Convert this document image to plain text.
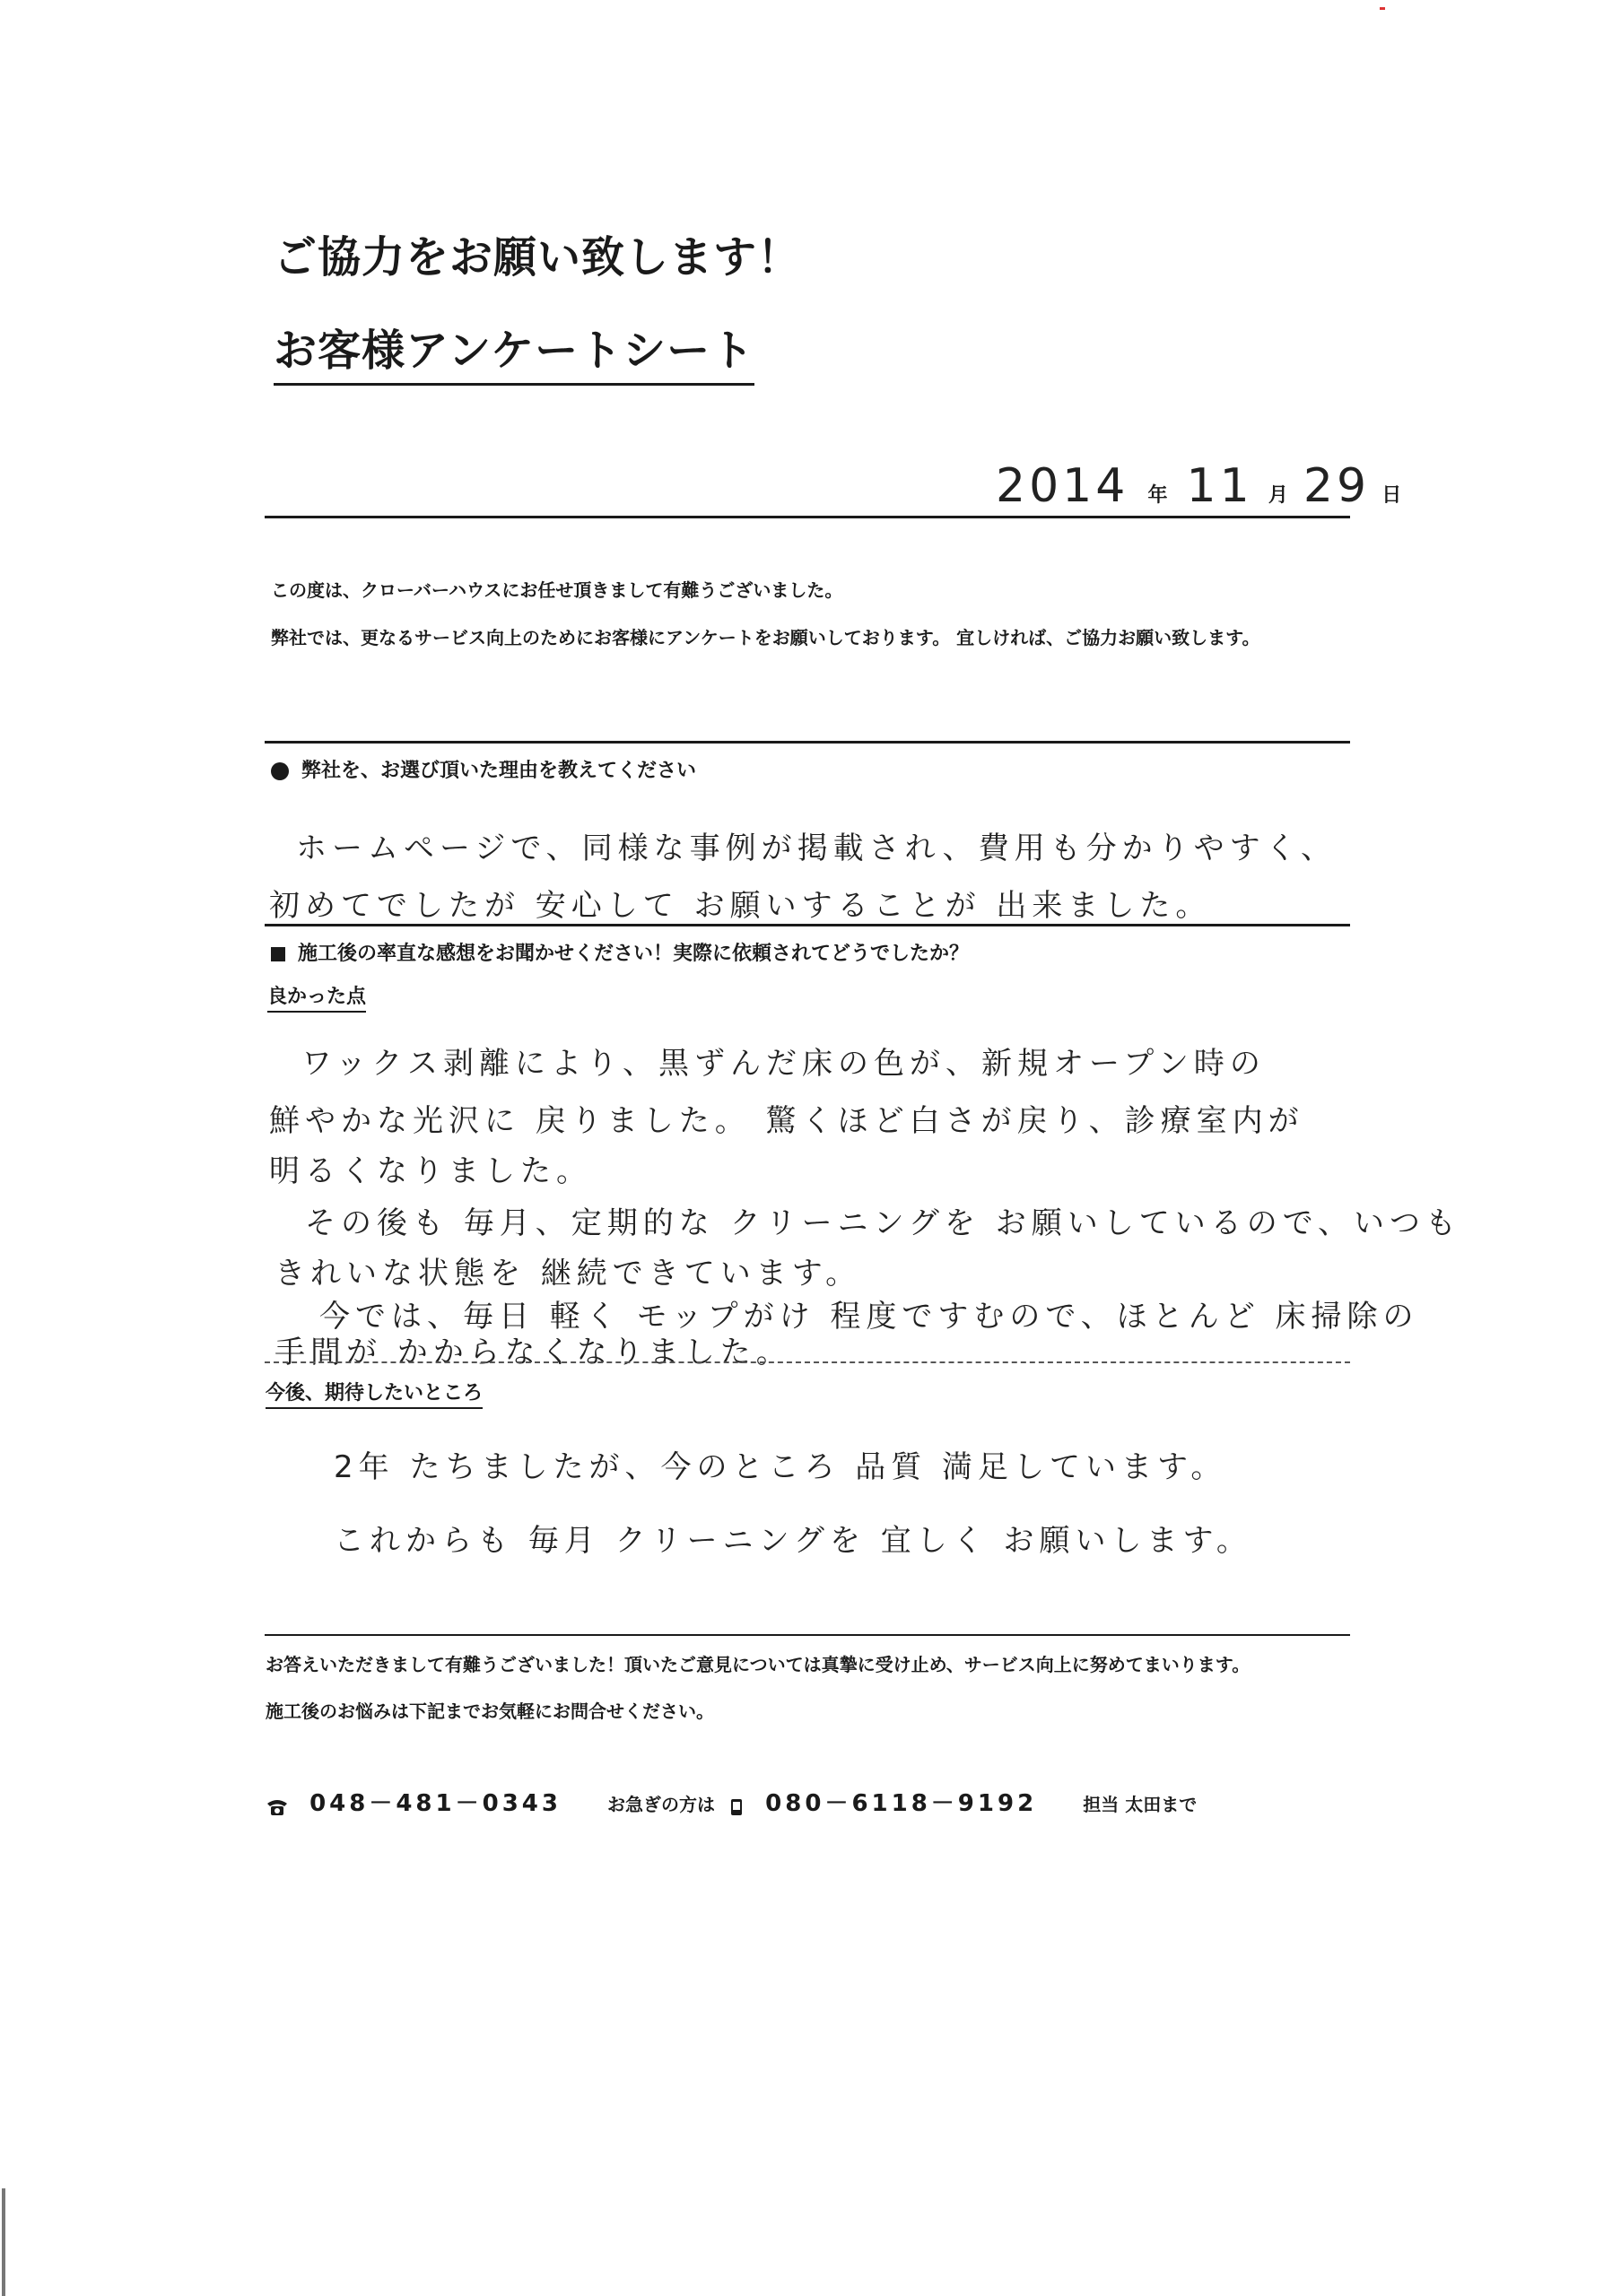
ご協力をお願い致します！
お客様アンケートシート
2014 年 11 月 29 日
この度は、クローバーハウスにお任せ頂きまして有難うございました。
弊社では、更なるサービス向上のためにお客様にアンケートをお願いしております。 宜しければ、ご協力お願い致します。
弊社を、お選び頂いた理由を教えてください
ホームページで、同様な事例が掲載され、費用も分かりやすく、
初めてでしたが 安心して お願いすることが 出来ました。
施工後の率直な感想をお聞かせください！実際に依頼されてどうでしたか？
良かった点
ワックス剥離により、黒ずんだ床の色が、新規オープン時の
鮮やかな光沢に 戻りました。 驚くほど白さが戻り、診療室内が
明るくなりました。
その後も 毎月、定期的な クリーニングを お願いしているので、いつも
きれいな状態を 継続できています。
今では、毎日 軽く モップがけ 程度ですむので、ほとんど 床掃除の
手間が かからなくなりました。
今後、期待したいところ
2年 たちましたが、今のところ 品質 満足しています。
これからも 毎月 クリーニングを 宜しく お願いします。
お答えいただきまして有難うございました！頂いたご意見については真摯に受け止め、サービス向上に努めてまいります。
施工後のお悩みは下記までお気軽にお問合せください。
048－481－0343	お急ぎの方は 080－6118－9192	担当 太田まで
